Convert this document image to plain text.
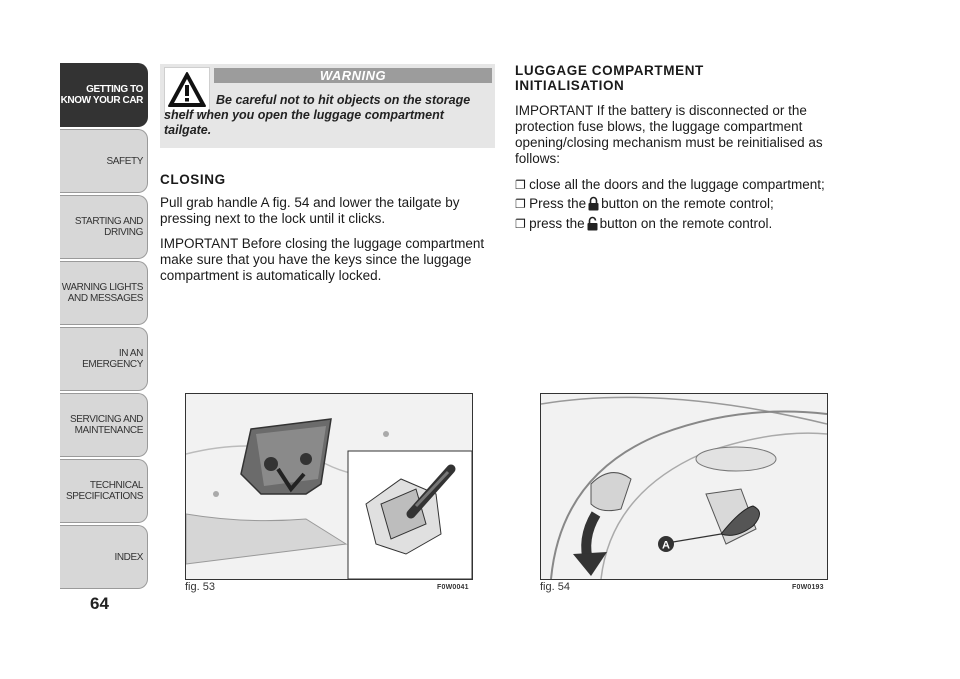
GETTING TO
KNOW YOUR CAR
SAFETY
STARTING AND
DRIVING
WARNING LIGHTS
AND MESSAGES
IN AN EMERGENCY
SERVICING AND
MAINTENANCE
TECHNICAL
SPECIFICATIONS
INDEX
64
WARNING
Be careful not to hit objects on the storage shelf when you open the luggage compartment tailgate.
CLOSING
Pull grab handle A fig. 54 and lower the tailgate by pressing next to the lock until it clicks.
IMPORTANT Before closing the luggage compartment make sure that you have the keys since the luggage compartment is automatically locked.
LUGGAGE COMPARTMENT
INITIALISATION
IMPORTANT If the battery is disconnected or the protection fuse blows, the luggage compartment opening/closing mechanism must be reinitialised as follows:
❐ close all the doors and the luggage compartment;
❐ Press the button on the remote control;
❐ press the button on the remote control.
fig. 53	F0W0041
A
fig. 54	F0W0193
